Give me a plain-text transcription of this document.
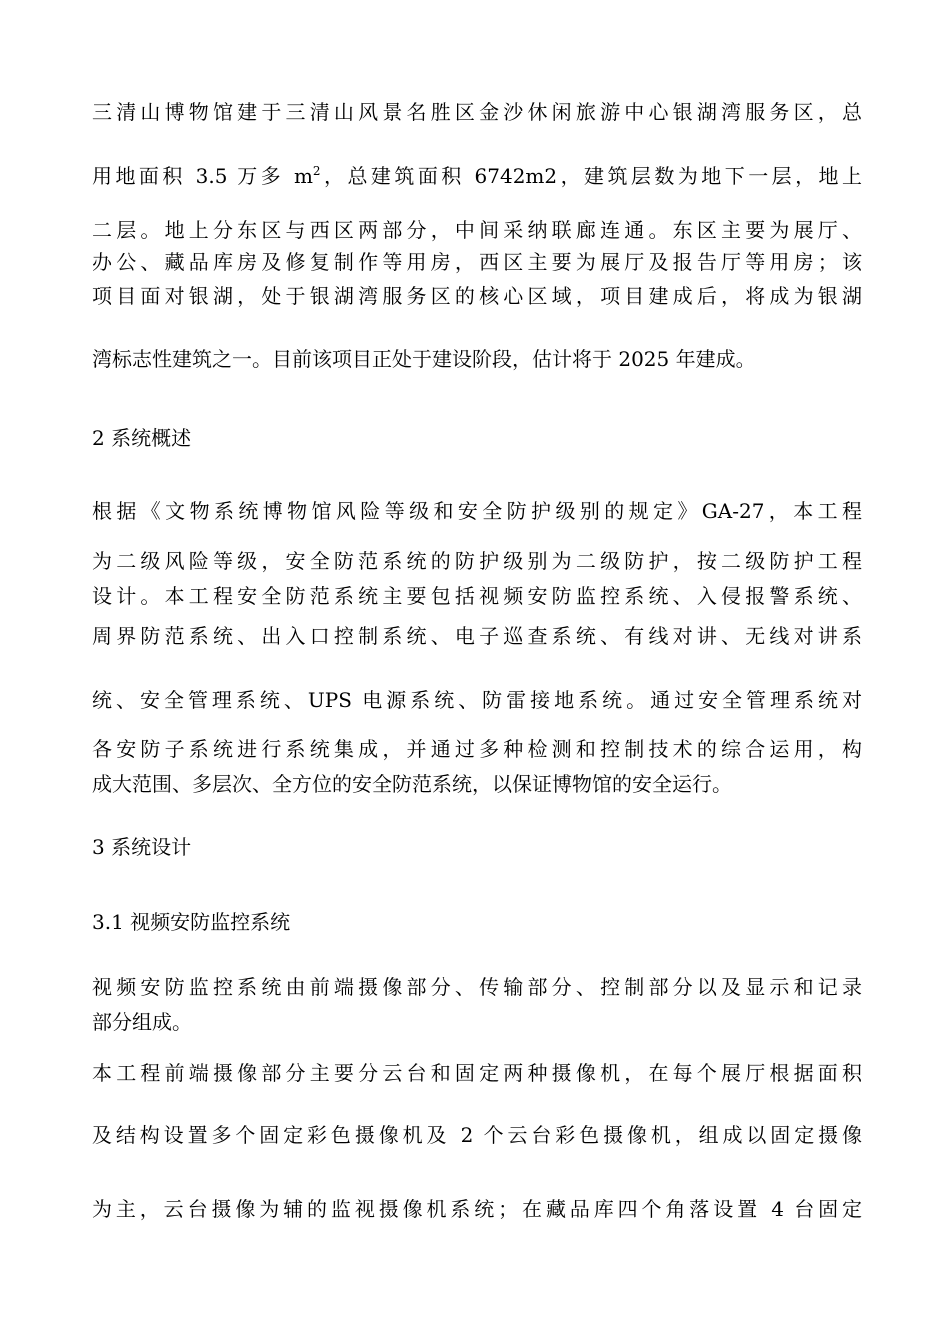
三清山博物馆建于三清山风景名胜区金沙休闲旅游中心银湖湾服务区，总
用地面积 3.5 万多 $m^2$，总建筑面积 6742m2，建筑层数为地下一层，地上
二层。地上分东区与西区两部分，中间采纳联廊连通。东区主要为展厅、
办公、藏品库房及修复制作等用房，西区主要为展厅及报告厅等用房；该
项目面对银湖，处于银湖湾服务区的核心区域，项目建成后，将成为银湖
湾标志性建筑之一。目前该项目正处于建设阶段，估计将于 2025 年建成。
2 系统概述
根据《文物系统博物馆风险等级和安全防护级别的规定》GA-27，本工程
为二级风险等级，安全防范系统的防护级别为二级防护，按二级防护工程
设计。本工程安全防范系统主要包括视频安防监控系统、入侵报警系统、
周界防范系统、出入口控制系统、电子巡查系统、有线对讲、无线对讲系
统、安全管理系统、UPS 电源系统、防雷接地系统。通过安全管理系统对
各安防子系统进行系统集成，并通过多种检测和控制技术的综合运用，构
成大范围、多层次、全方位的安全防范系统，以保证博物馆的安全运行。
3 系统设计
3.1 视频安防监控系统
视频安防监控系统由前端摄像部分、传输部分、控制部分以及显示和记录
部分组成。
本工程前端摄像部分主要分云台和固定两种摄像机，在每个展厅根据面积
及结构设置多个固定彩色摄像机及 2 个云台彩色摄像机，组成以固定摄像
为主，云台摄像为辅的监视摄像机系统；在藏品库四个角落设置 4 台固定
